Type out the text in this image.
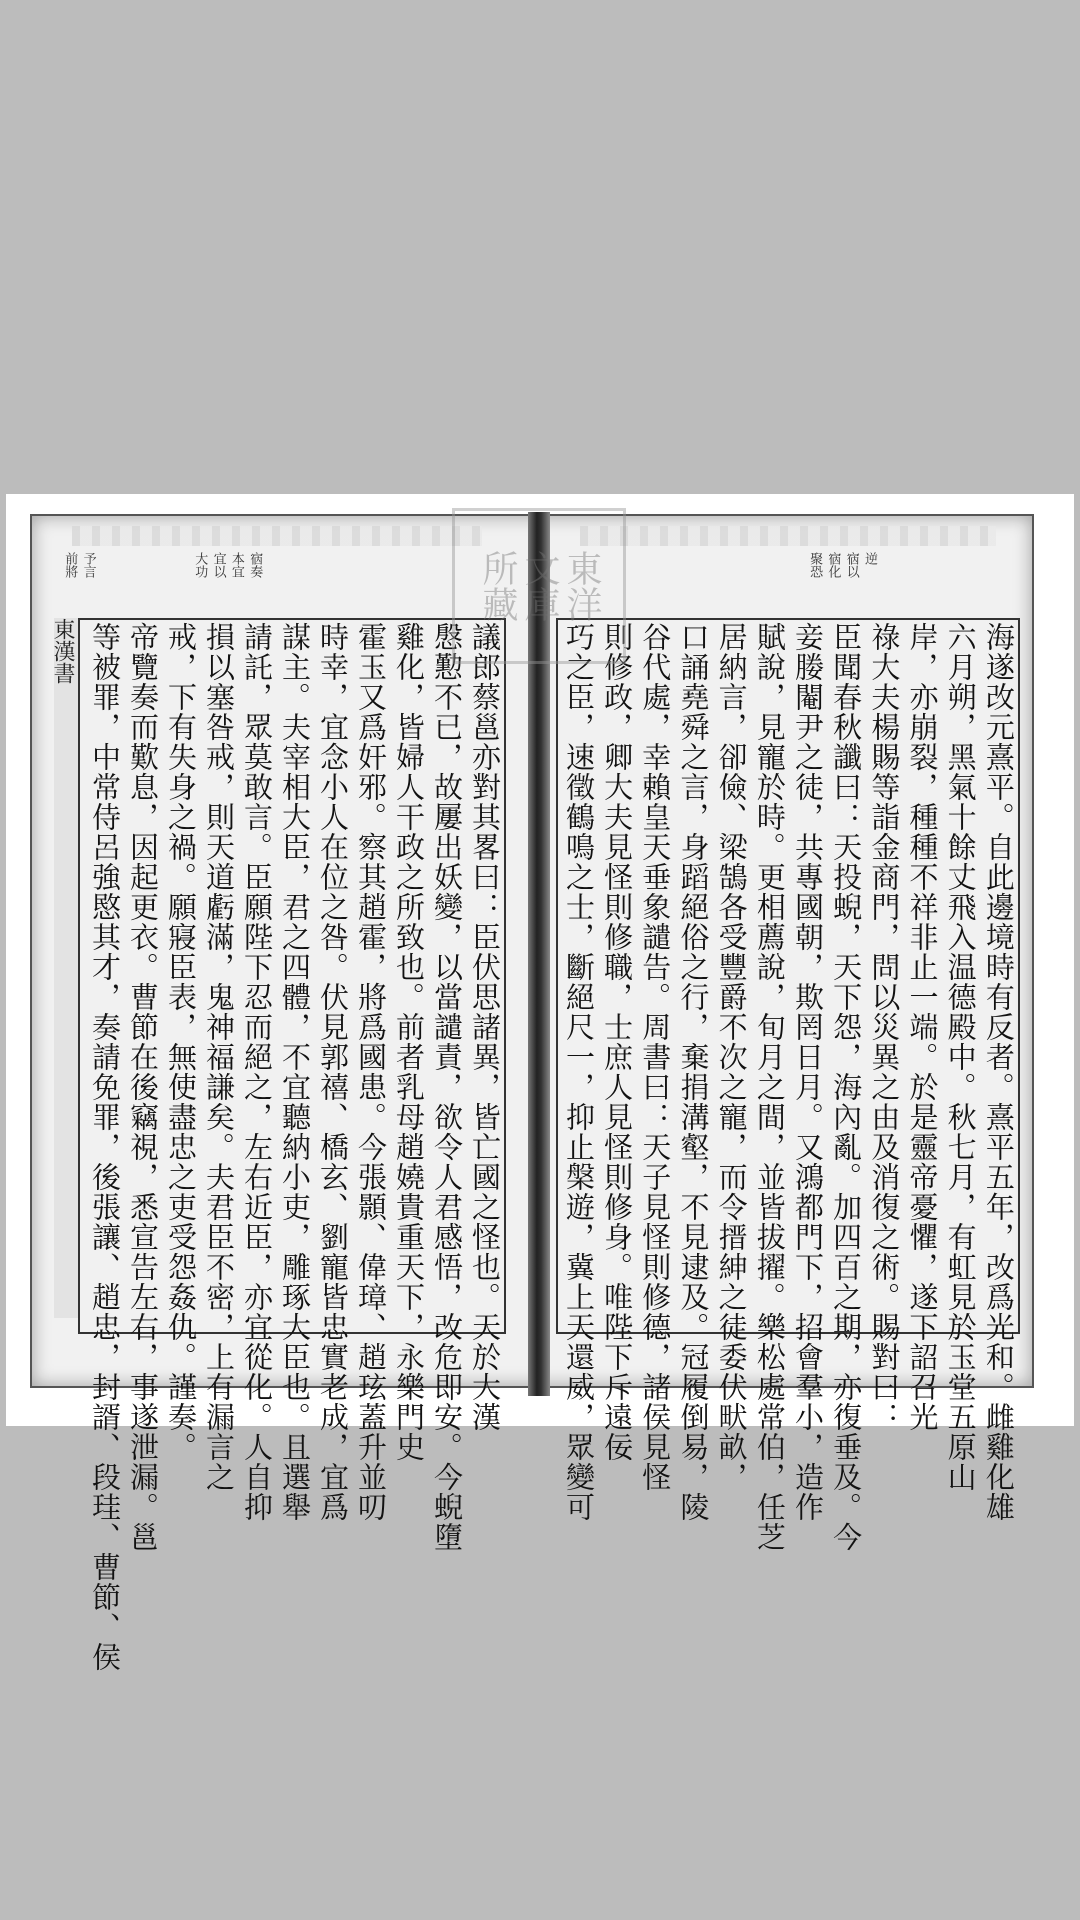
㝛奏
本宜
宜以
大功
予言
前將
東漢書	議郎蔡邕亦對其畧曰：臣伏思諸異，皆亡國之怪也。天於大漢
慇懃不已，故屢出妖變，以當譴責，欲令人君感悟，改危即安。今蜺墮
雞化，皆婦人干政之所致也。前者乳母趙嬈貴重天下，永樂門史
霍玉又爲奸邪。察其趙霍，將爲國患。今張顥、偉璋、趙玹蓋升並叨
時幸，宜念小人在位之咎。伏見郭禧、橋玄、劉寵皆忠實老成，宜爲
謀主。夫宰相大臣，君之四體，不宜聽納小吏，雕琢大臣也。且選舉
請託，眾莫敢言。臣願陛下忍而絕之，左右近臣，亦宜從化。人自抑
損以塞咎戒，則天道虧滿，鬼神福謙矣。夫君臣不密，上有漏言之
戒，下有失身之禍。願寢臣表，無使盡忠之吏受怨姦仇。謹奏。
帝覽奏而歎息，因起更衣。曹節在後竊視，悉宣告左右，事遂泄漏。邕
等被罪，中常侍呂強愍其才，奏請免罪，後張讓、趙忠，封諝、段珪、曹節、侯
逆
㝛以
㝛化
聚恐
海遂改元熹平。自此邊境時有反者。熹平五年，改爲光和。雌雞化雄
六月朔，黑氣十餘丈飛入温德殿中。秋七月，有虹見於玉堂五原山
岸，亦崩裂，種種不祥非止一端。於是靈帝憂懼，遂下詔召光
祿大夫楊賜等詣金商門，問以災異之由及消復之術。賜對曰：
臣聞春秋讖曰：天投蜺，天下怨，海內亂。加四百之期，亦復垂及。今
妾媵閹尹之徒，共專國朝，欺罔日月。又鴻都門下，招會羣小，造作
賦說，見寵於時。更相薦說，旬月之間，並皆拔擢。樂松處常伯，任芝
居納言，卻儉、梁鵠各受豐爵不次之寵，而令搢紳之徒委伏畎畝，
口誦堯舜之言，身蹈絕俗之行，棄捐溝壑，不見逮及。冠履倒易，陵
谷代處，幸賴皇天垂象譴告。周書曰：天子見怪則修德，諸侯見怪
則修政，卿大夫見怪則修職，士庶人見怪則修身。唯陛下斥遠佞
巧之臣，速徵鶴鳴之士，斷絕尺一，抑止槃遊，冀上天還威，眾變可
東洋
文庫
所藏
